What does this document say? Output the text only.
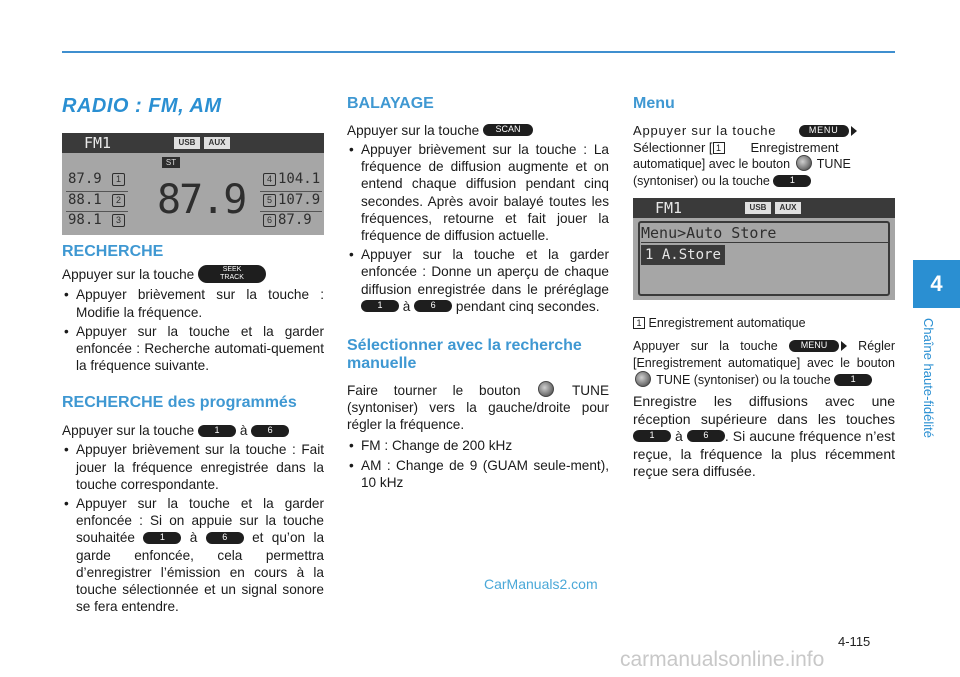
4
Chaîne haute-fidélité
RADIO : FM, AM
FM1	USB	AUX
ST
87.9
87.9	1
88.1	2
98.1	3
4 104.1
5 107.9
6 87.9
RECHERCHE
Appuyer sur la touche	SEEK
TRACK
• Appuyer brièvement sur la touche : Modifie la fréquence.
• Appuyer sur la touche et la garder enfoncée : Recherche automati-quement la fréquence suivante.
RECHERCHE des programmés
Appuyer sur la touche 1 à 6
• Appuyer brièvement sur la touche : Fait jouer la fréquence enregistrée dans la touche correspondante.
• Appuyer sur la touche et la garder enfoncée : Si on appuie sur la touche souhaitée	1 à	6 et qu’on la garde enfoncée, cela permettra d’enregistrer l’émission en cours à la touche sélectionnée et un signal sonore se fera entendre.
BALAYAGE
Appuyer sur la touche SCAN
• Appuyer brièvement sur la touche : La fréquence de diffusion augmente et on entend chaque diffusion pendant cinq secondes. Après avoir balayé toutes les fréquences, retourne et fait jouer la fréquence de diffusion actuelle.
• Appuyer sur la touche et la garder enfoncée : Donne un aperçu de chaque diffusion enregistrée dans le préréglage 1 à 6 pendant cinq secondes.
Sélectionner avec la recherche manuelle
Faire tourner le bouton	TUNE (syntoniser) vers la gauche/droite pour régler la fréquence.
• FM : Change de 200 kHz
• AM : Change de 9 (GUAM seule-ment), 10 kHz
Menu
Appuyer sur la touche	MENU
Sélectionner [ 1 Enregistrement
automatique] avec le bouton TUNE
(syntoniser) ou la touche 1
FM1	USB	AUX
Menu>Auto Store
1 A.Store
1 Enregistrement automatique
Appuyer sur la touche	MENU Régler [Enregistrement automatique] avec le bouton  TUNE (syntoniser) ou la touche 1
Enregistre les diffusions avec une réception supérieure dans les touches 1 à 6 . Si aucune fréquence n’est reçue, la fréquence la plus récemment reçue sera diffusée.
CarManuals2.com
4-115
carmanualsonline.info
